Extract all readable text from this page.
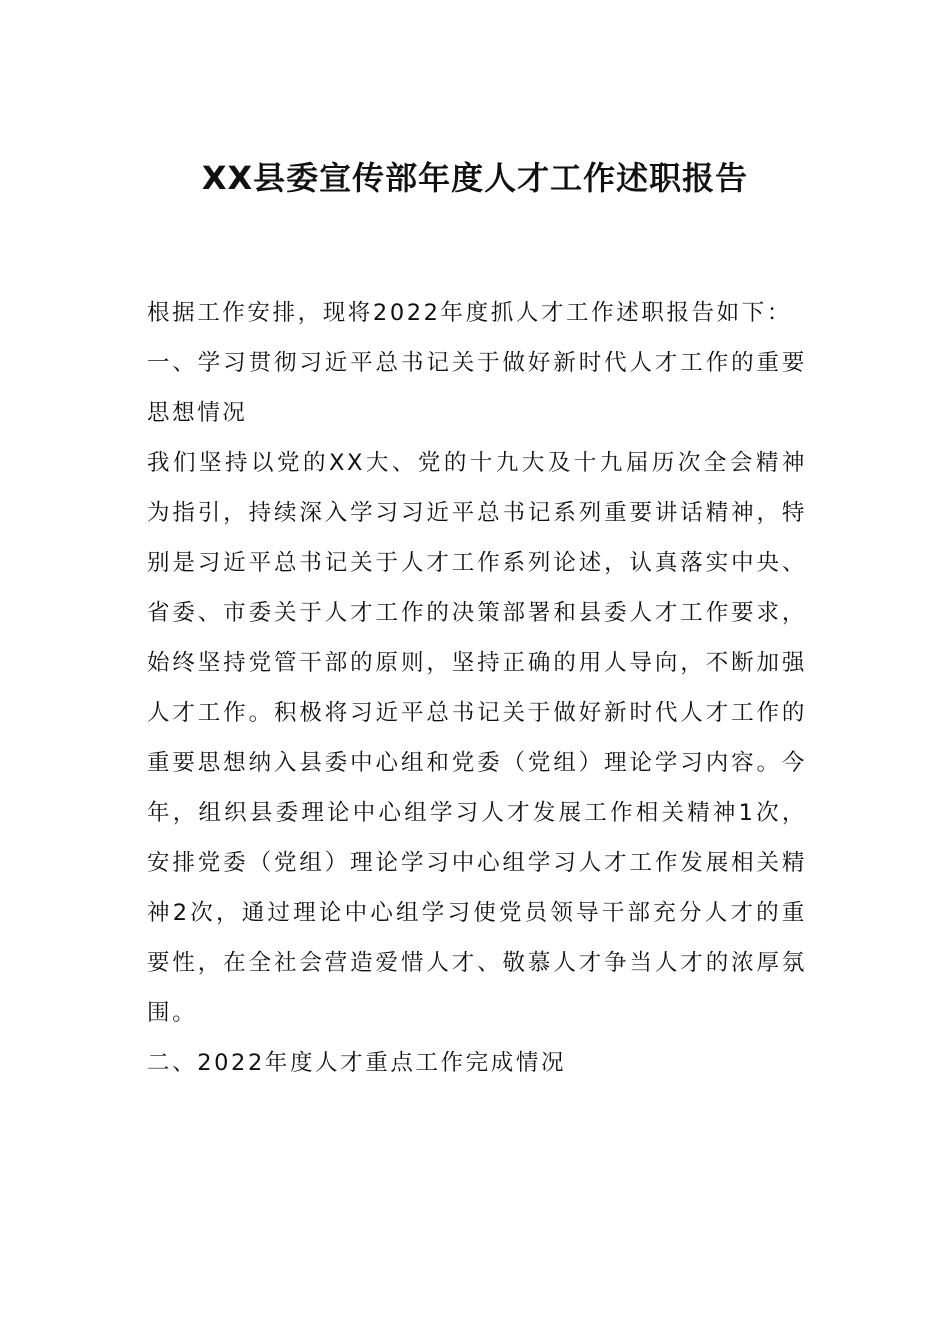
XX县委宣传部年度人才工作述职报告

根据工作安排，现将2022年度抓人才工作述职报告如下：

一、学习贯彻习近平总书记关于做好新时代人才工作的重要思想情况

我们坚持以党的XX大、党的十九大及十九届历次全会精神为指引，持续深入学习习近平总书记系列重要讲话精神，特别是习近平总书记关于人才工作系列论述，认真落实中央、省委、市委关于人才工作的决策部署和县委人才工作要求，始终坚持党管干部的原则，坚持正确的用人导向，不断加强人才工作。积极将习近平总书记关于做好新时代人才工作的重要思想纳入县委中心组和党委（党组）理论学习内容。今年，组织县委理论中心组学习人才发展工作相关精神1次，安排党委（党组）理论学习中心组学习人才工作发展相关精神2次，通过理论中心组学习使党员领导干部充分人才的重要性，在全社会营造爱惜人才、敬慕人才争当人才的浓厚氛围。

二、2022年度人才重点工作完成情况
